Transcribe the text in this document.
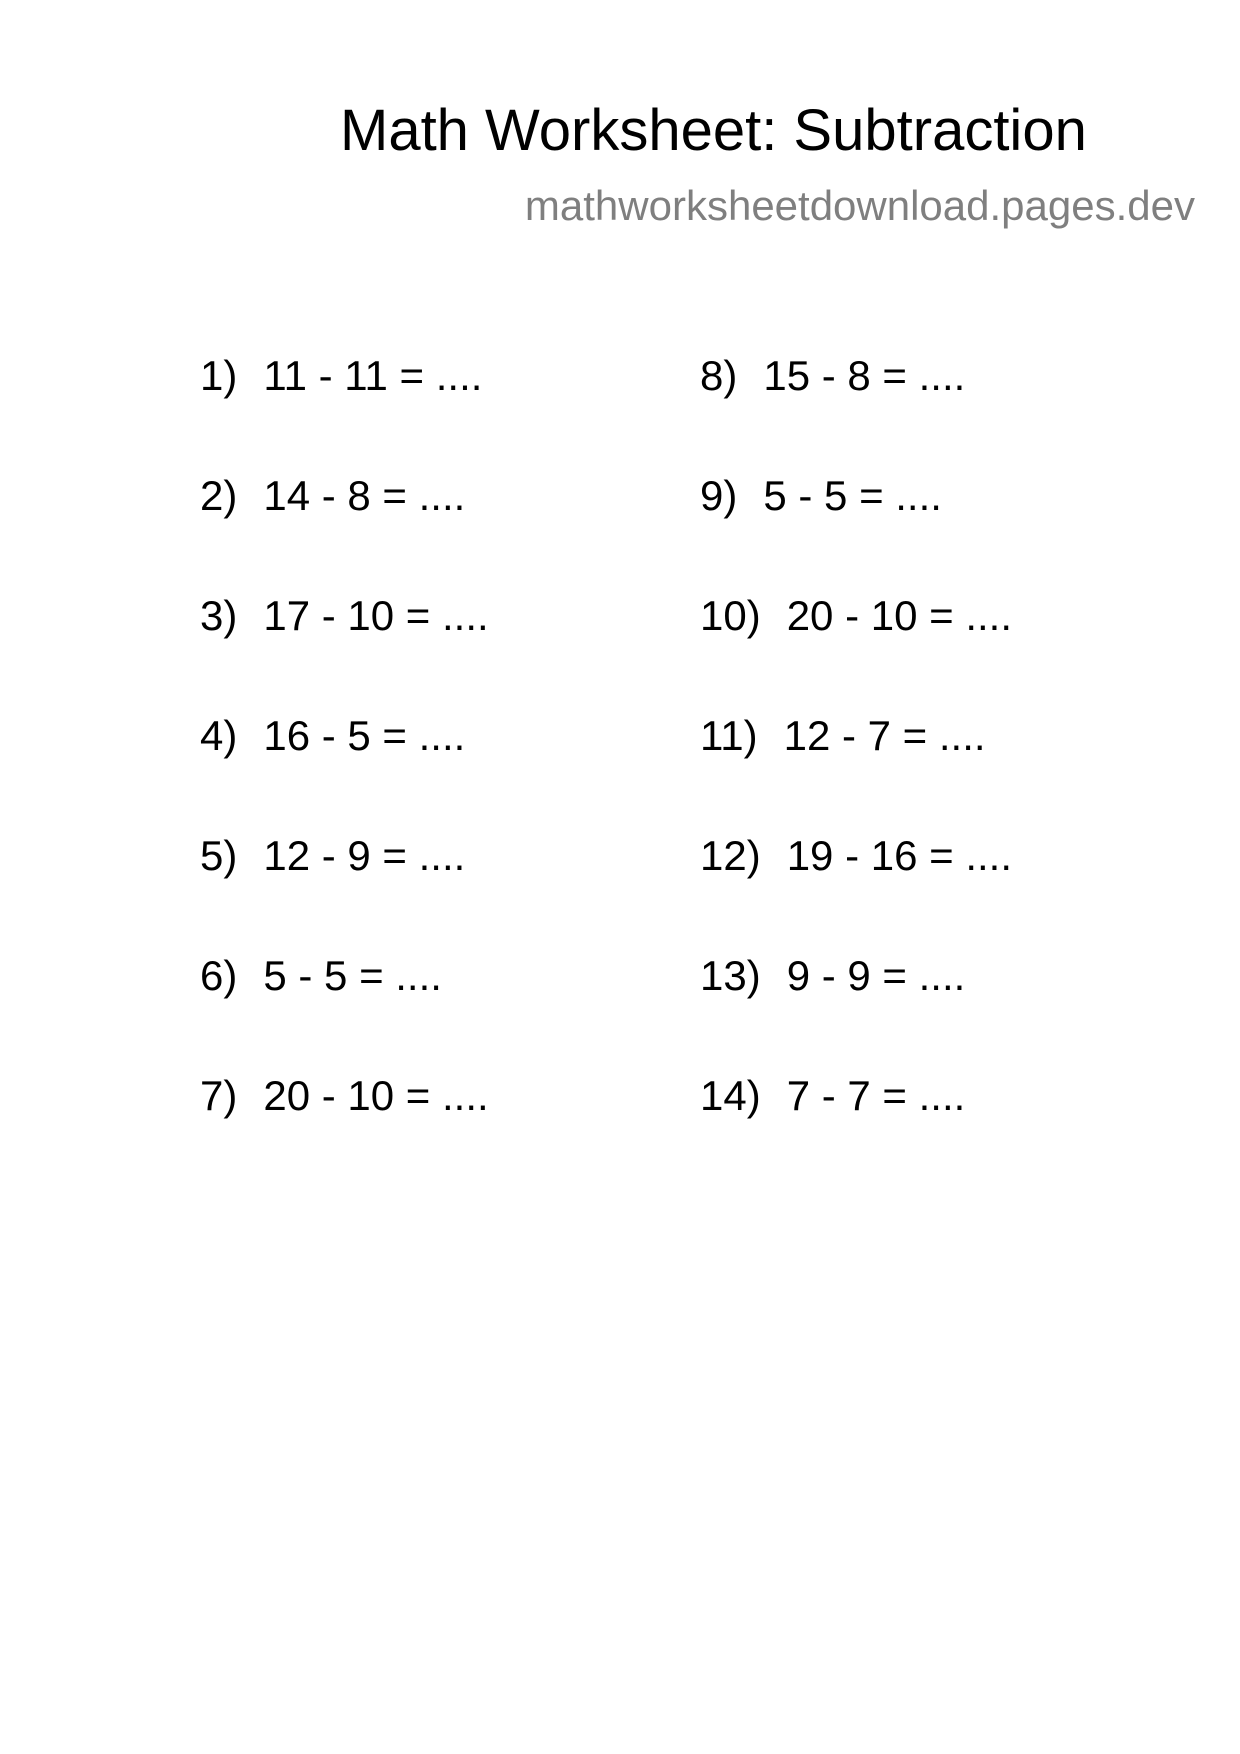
Math Worksheet: Subtraction
mathworksheetdownload.pages.dev
1) 11 - 11 = ....
2) 14 - 8 = ....
3) 17 - 10 = ....
4) 16 - 5 = ....
5) 12 - 9 = ....
6) 5 - 5 = ....
7) 20 - 10 = ....
8) 15 - 8 = ....
9) 5 - 5 = ....
10) 20 - 10 = ....
11) 12 - 7 = ....
12) 19 - 16 = ....
13) 9 - 9 = ....
14) 7 - 7 = ....
